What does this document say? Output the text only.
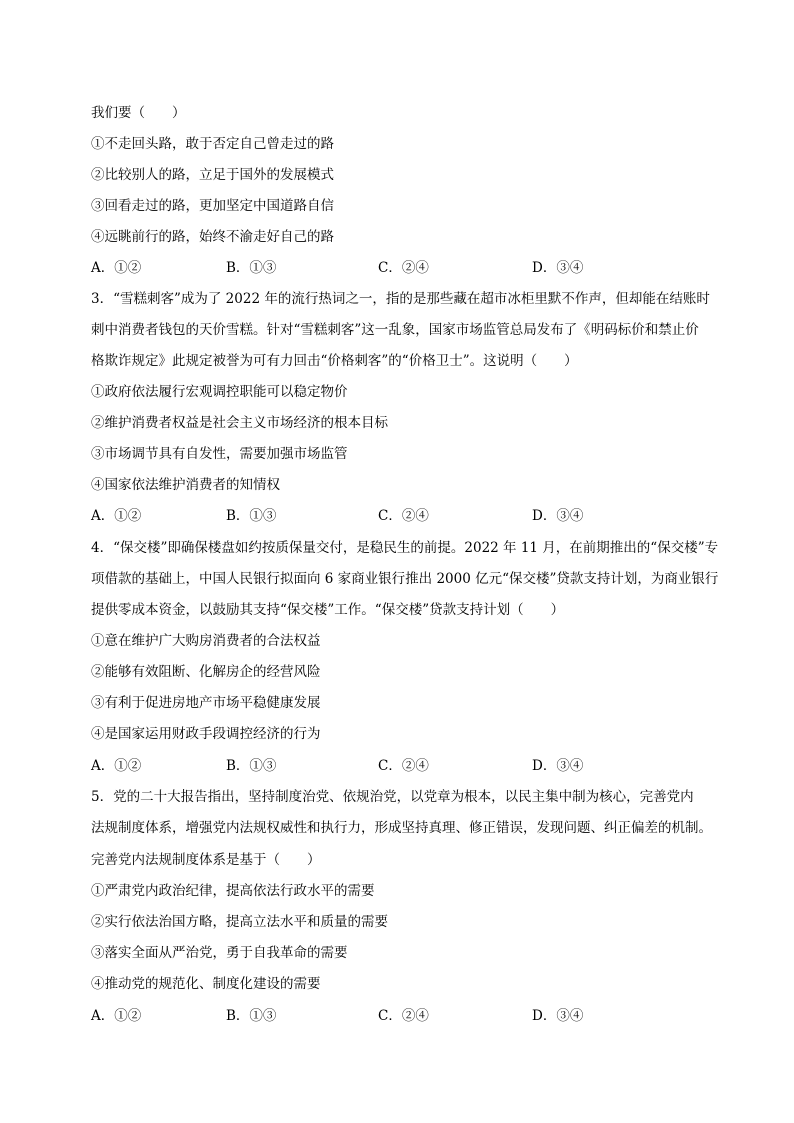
我们要（　　）
①不走回头路，敢于否定自己曾走过的路
②比较别人的路，立足于国外的发展模式
③回看走过的路，更加坚定中国道路自信
④远眺前行的路，始终不渝走好自己的路
A．①②	B．①③	C．②④	D．③④
3．“雪糕刺客”成为了 2022 年的流行热词之一，指的是那些藏在超市冰柜里默不作声，但却能在结账时
刺中消费者钱包的天价雪糕。针对“雪糕刺客”这一乱象，国家市场监管总局发布了《明码标价和禁止价
格欺诈规定》此规定被誉为可有力回击“价格刺客”的“价格卫士”。这说明（　　）
①政府依法履行宏观调控职能可以稳定物价
②维护消费者权益是社会主义市场经济的根本目标
③市场调节具有自发性，需要加强市场监管
④国家依法维护消费者的知情权
A．①②	B．①③	C．②④	D．③④
4．“保交楼”即确保楼盘如约按质保量交付，是稳民生的前提。2022 年 11 月，在前期推出的“保交楼”专
项借款的基础上，中国人民银行拟面向 6 家商业银行推出 2000 亿元“保交楼”贷款支持计划，为商业银行
提供零成本资金，以鼓励其支持“保交楼”工作。“保交楼”贷款支持计划（　　）
①意在维护广大购房消费者的合法权益
②能够有效阻断、化解房企的经营风险
③有利于促进房地产市场平稳健康发展
④是国家运用财政手段调控经济的行为
A．①②	B．①③	C．②④	D．③④
5．党的二十大报告指出，坚持制度治党、依规治党，以党章为根本，以民主集中制为核心，完善党内
法规制度体系，增强党内法规权威性和执行力，形成坚持真理、修正错误，发现问题、纠正偏差的机制。
完善党内法规制度体系是基于（　　）
①严肃党内政治纪律，提高依法行政水平的需要
②实行依法治国方略，提高立法水平和质量的需要
③落实全面从严治党，勇于自我革命的需要
④推动党的规范化、制度化建设的需要
A．①②	B．①③	C．②④	D．③④
